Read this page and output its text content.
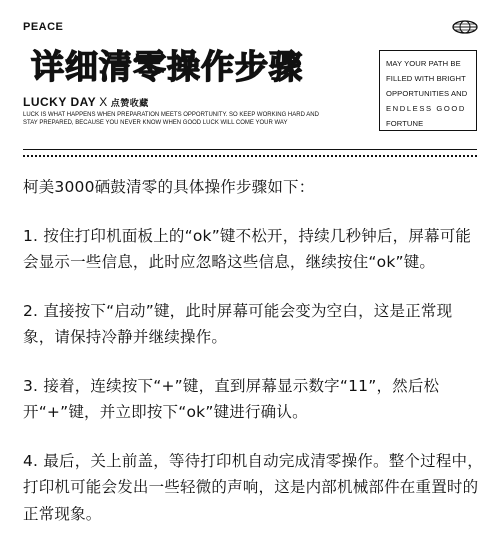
PEACE
详细清零操作步骤
LUCKY DAY X 点赞收藏

LUCK IS WHAT HAPPENS WHEN PREPARATION MEETS OPPORTUNITY. SO KEEP WORKING HARD AND STAY PREPARED, BECAUSE YOU NEVER KNOW WHEN GOOD LUCK WILL COME YOUR WAY

MAY YOUR PATH BE
FILLED WITH BRIGHT
OPPORTUNITIES AND
ENDLESS GOOD
FORTUNE

柯美3000硒鼓清零的具体操作步骤如下：

1. 按住打印机面板上的“ok”键不松开，持续几秒钟后，屏幕可能会显示一些信息，此时应忽略这些信息，继续按住“ok”键。

2. 直接按下“启动”键，此时屏幕可能会变为空白，这是正常现象，请保持冷静并继续操作。

3. 接着，连续按下“+”键，直到屏幕显示数字“11”，然后松开“+”键，并立即按下“ok”键进行确认。

4. 最后，关上前盖，等待打印机自动完成清零操作。整个过程中，打印机可能会发出一些轻微的声响，这是内部机械部件在重置时的正常现象。
